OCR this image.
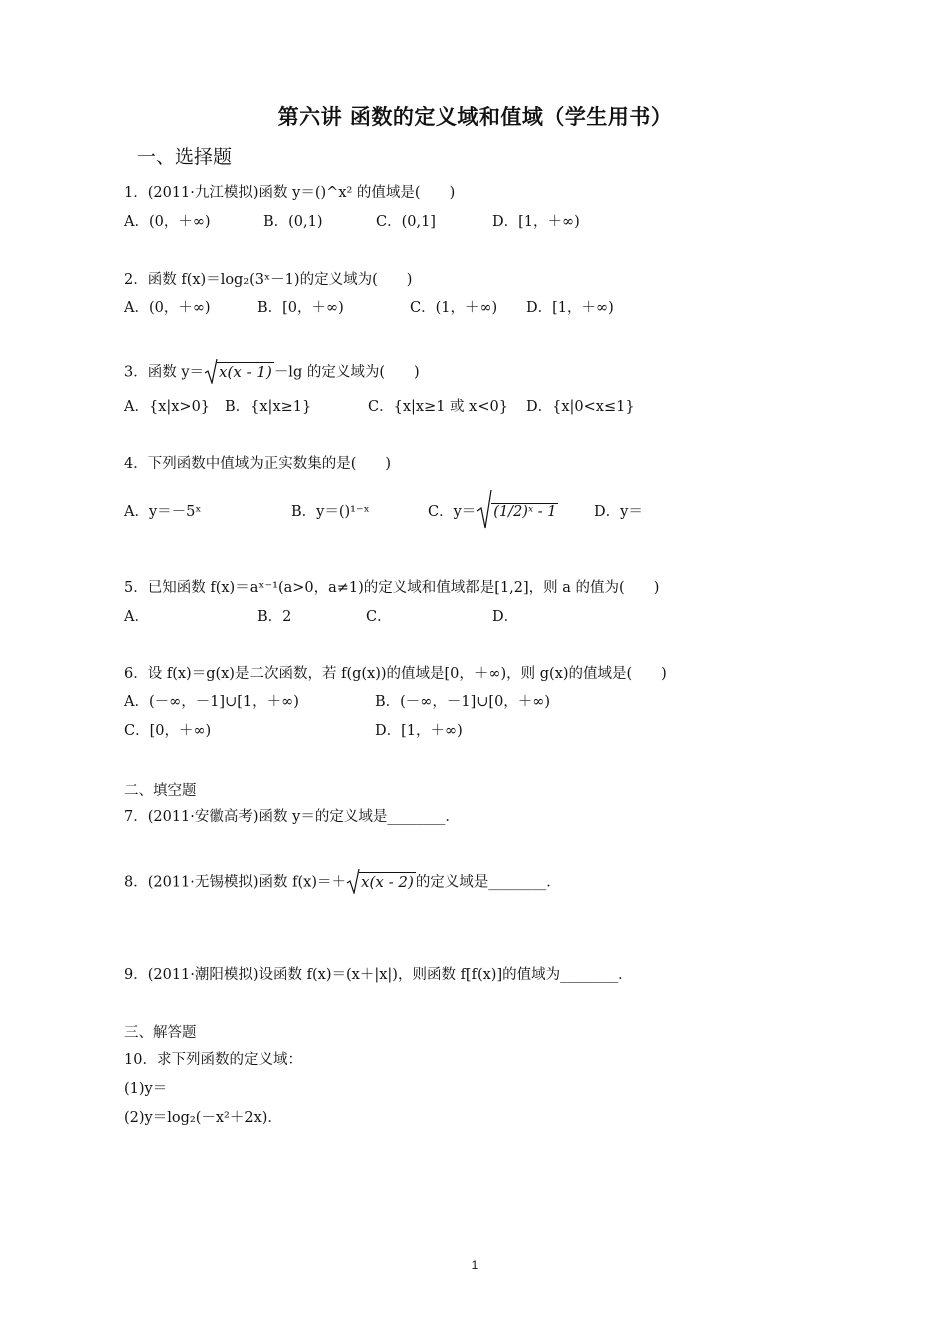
第六讲 函数的定义域和值域（学生用书）
一、选择题
1．(2011·九江模拟)函数 y＝()^x² 的值域是(　　)
A．(0，＋∞)	B．(0,1)	C．(0,1]	D．[1，＋∞)
2．函数 f(x)＝log₂(3ˣ－1)的定义域为(　　)
A．(0，＋∞)	B．[0，＋∞)	C．(1，＋∞) D．[1，＋∞)
3．函数 y＝ x(x - 1) －lg 的定义域为(　　)
A．{x|x>0} B．{x|x≥1}	C．{x|x≥1 或 x<0} D．{x|0<x≤1}
4．下列函数中值域为正实数集的是(　　)
A．y＝－5ˣ	B．y＝()¹⁻ˣ	C．y＝ (1/2)ˣ - 1	D．y＝
5．已知函数 f(x)＝aˣ⁻¹(a>0，a≠1)的定义域和值域都是[1,2]，则 a 的值为(　　)
A．	B．2	C．	D．
6．设 f(x)＝g(x)是二次函数，若 f(g(x))的值域是[0，＋∞)，则 g(x)的值域是(　　)
A．(－∞，－1]∪[1，＋∞)	B．(－∞，－1]∪[0，＋∞)
C．[0，＋∞)	D．[1，＋∞)
二、填空题
7．(2011·安徽高考)函数 y＝的定义域是________．
8．(2011·无锡模拟)函数 f(x)＝＋ x(x - 2) 的定义域是________．
9．(2011·潮阳模拟)设函数 f(x)＝(x＋|x|)，则函数 f[f(x)]的值域为________．
三、解答题
10．求下列函数的定义域：
(1)y＝
(2)y＝log₂(－x²＋2x)．
1
